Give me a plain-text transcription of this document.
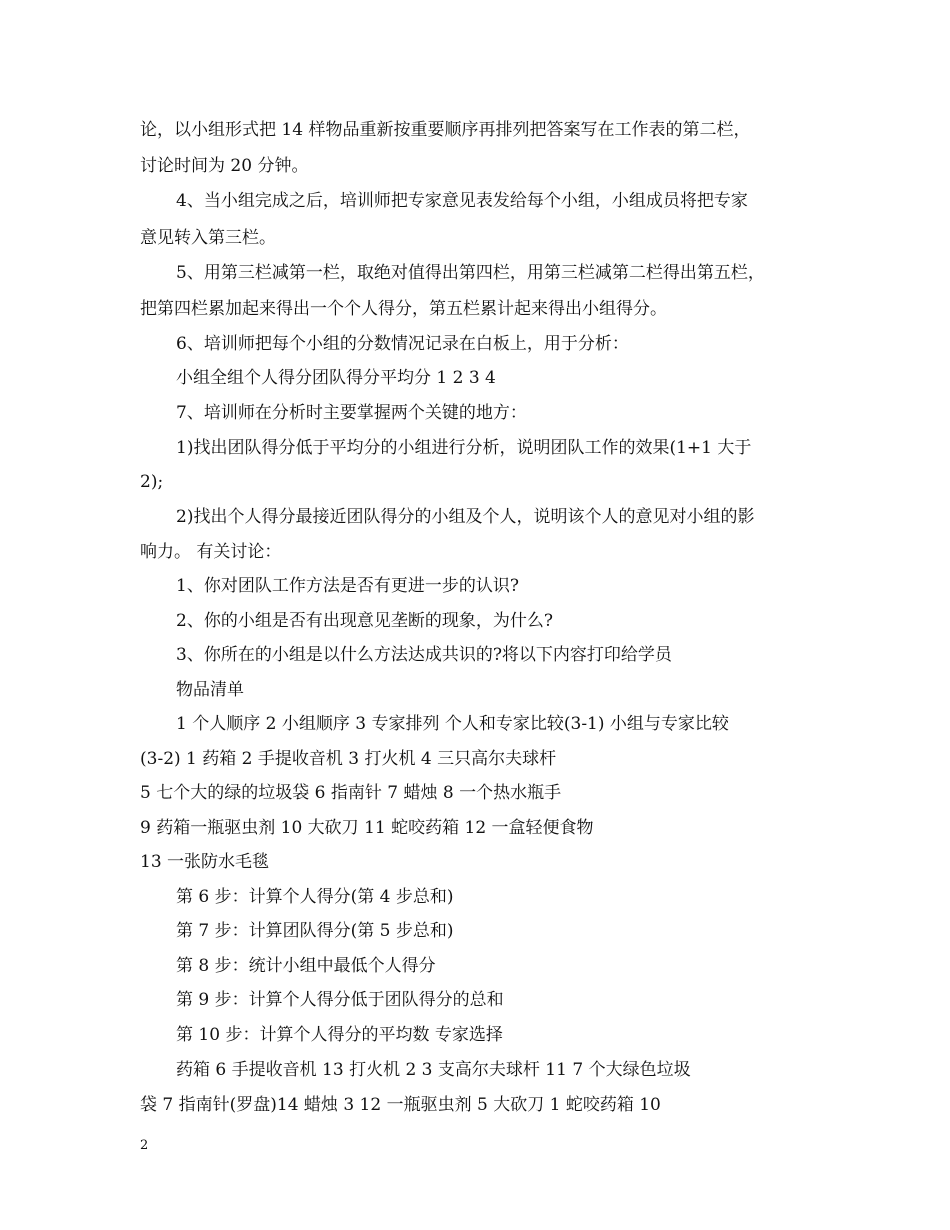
论，以小组形式把 14 样物品重新按重要顺序再排列把答案写在工作表的第二栏，
讨论时间为 20 分钟。
4、当小组完成之后，培训师把专家意见表发给每个小组，小组成员将把专家
意见转入第三栏。
5、用第三栏减第一栏，取绝对值得出第四栏，用第三栏减第二栏得出第五栏，
把第四栏累加起来得出一个个人得分，第五栏累计起来得出小组得分。
6、培训师把每个小组的分数情况记录在白板上，用于分析：
小组全组个人得分团队得分平均分 1 2 3 4
7、培训师在分析时主要掌握两个关键的地方：
1)找出团队得分低于平均分的小组进行分析，说明团队工作的效果(1+1 大于
2);
2)找出个人得分最接近团队得分的小组及个人，说明该个人的意见对小组的影
响力。 有关讨论：
1、你对团队工作方法是否有更进一步的认识?
2、你的小组是否有出现意见垄断的现象，为什么?
3、你所在的小组是以什么方法达成共识的?将以下内容打印给学员
物品清单
1 个人顺序 2 小组顺序 3 专家排列 个人和专家比较(3-1) 小组与专家比较
(3-2) 1 药箱 2 手提收音机 3 打火机 4 三只高尔夫球杆
5 七个大的绿的垃圾袋 6 指南针 7 蜡烛 8 一个热水瓶手
9 药箱一瓶驱虫剂 10 大砍刀 11 蛇咬药箱 12 一盒轻便食物
13 一张防水毛毯
第 6 步：计算个人得分(第 4 步总和)
第 7 步：计算团队得分(第 5 步总和)
第 8 步：统计小组中最低个人得分
第 9 步：计算个人得分低于团队得分的总和
第 10 步：计算个人得分的平均数 专家选择
药箱 6 手提收音机 13 打火机 2 3 支高尔夫球杆 11 7 个大绿色垃圾
袋 7 指南针(罗盘)14 蜡烛 3 12 一瓶驱虫剂 5 大砍刀 1 蛇咬药箱 10
2
